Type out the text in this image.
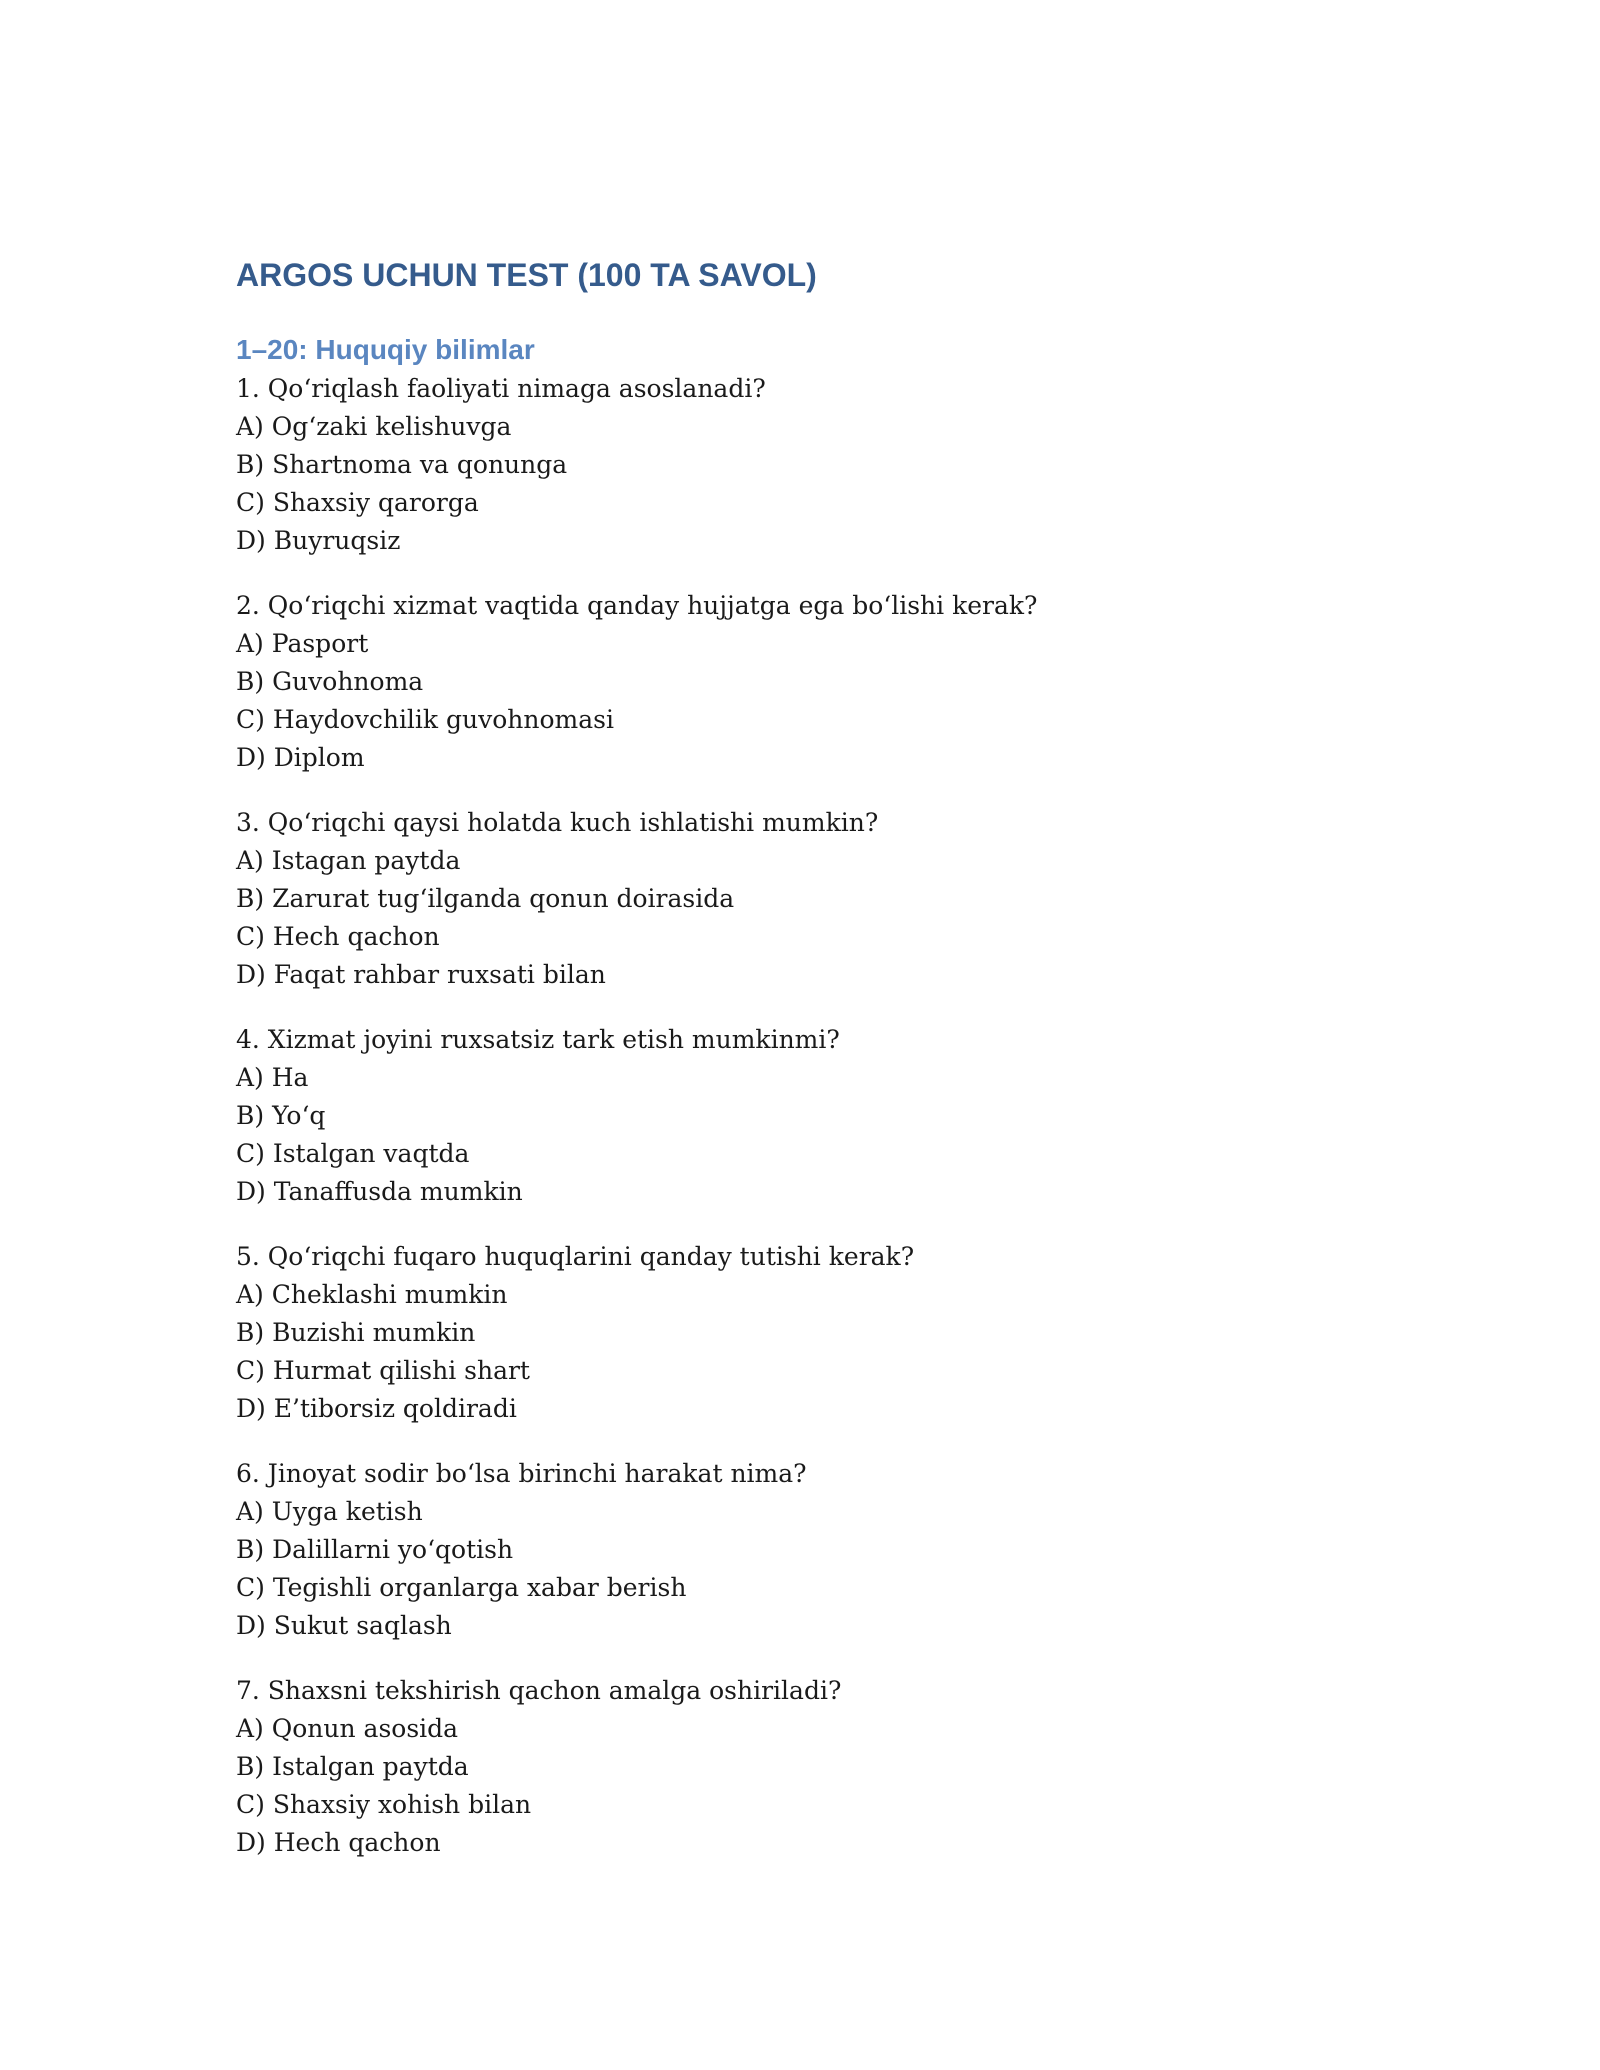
ARGOS UCHUN TEST (100 TA SAVOL)
1–20: Huquqiy bilimlar
1. Qo‘riqlash faoliyati nimaga asoslanadi?
A) Og‘zaki kelishuvga
B) Shartnoma va qonunga
C) Shaxsiy qarorga
D) Buyruqsiz
2. Qo‘riqchi xizmat vaqtida qanday hujjatga ega bo‘lishi kerak?
A) Pasport
B) Guvohnoma
C) Haydovchilik guvohnomasi
D) Diplom
3. Qo‘riqchi qaysi holatda kuch ishlatishi mumkin?
A) Istagan paytda
B) Zarurat tug‘ilganda qonun doirasida
C) Hech qachon
D) Faqat rahbar ruxsati bilan
4. Xizmat joyini ruxsatsiz tark etish mumkinmi?
A) Ha
B) Yo‘q
C) Istalgan vaqtda
D) Tanaffusda mumkin
5. Qo‘riqchi fuqaro huquqlarini qanday tutishi kerak?
A) Cheklashi mumkin
B) Buzishi mumkin
C) Hurmat qilishi shart
D) E’tiborsiz qoldiradi
6. Jinoyat sodir bo‘lsa birinchi harakat nima?
A) Uyga ketish
B) Dalillarni yo‘qotish
C) Tegishli organlarga xabar berish
D) Sukut saqlash
7. Shaxsni tekshirish qachon amalga oshiriladi?
A) Qonun asosida
B) Istalgan paytda
C) Shaxsiy xohish bilan
D) Hech qachon
